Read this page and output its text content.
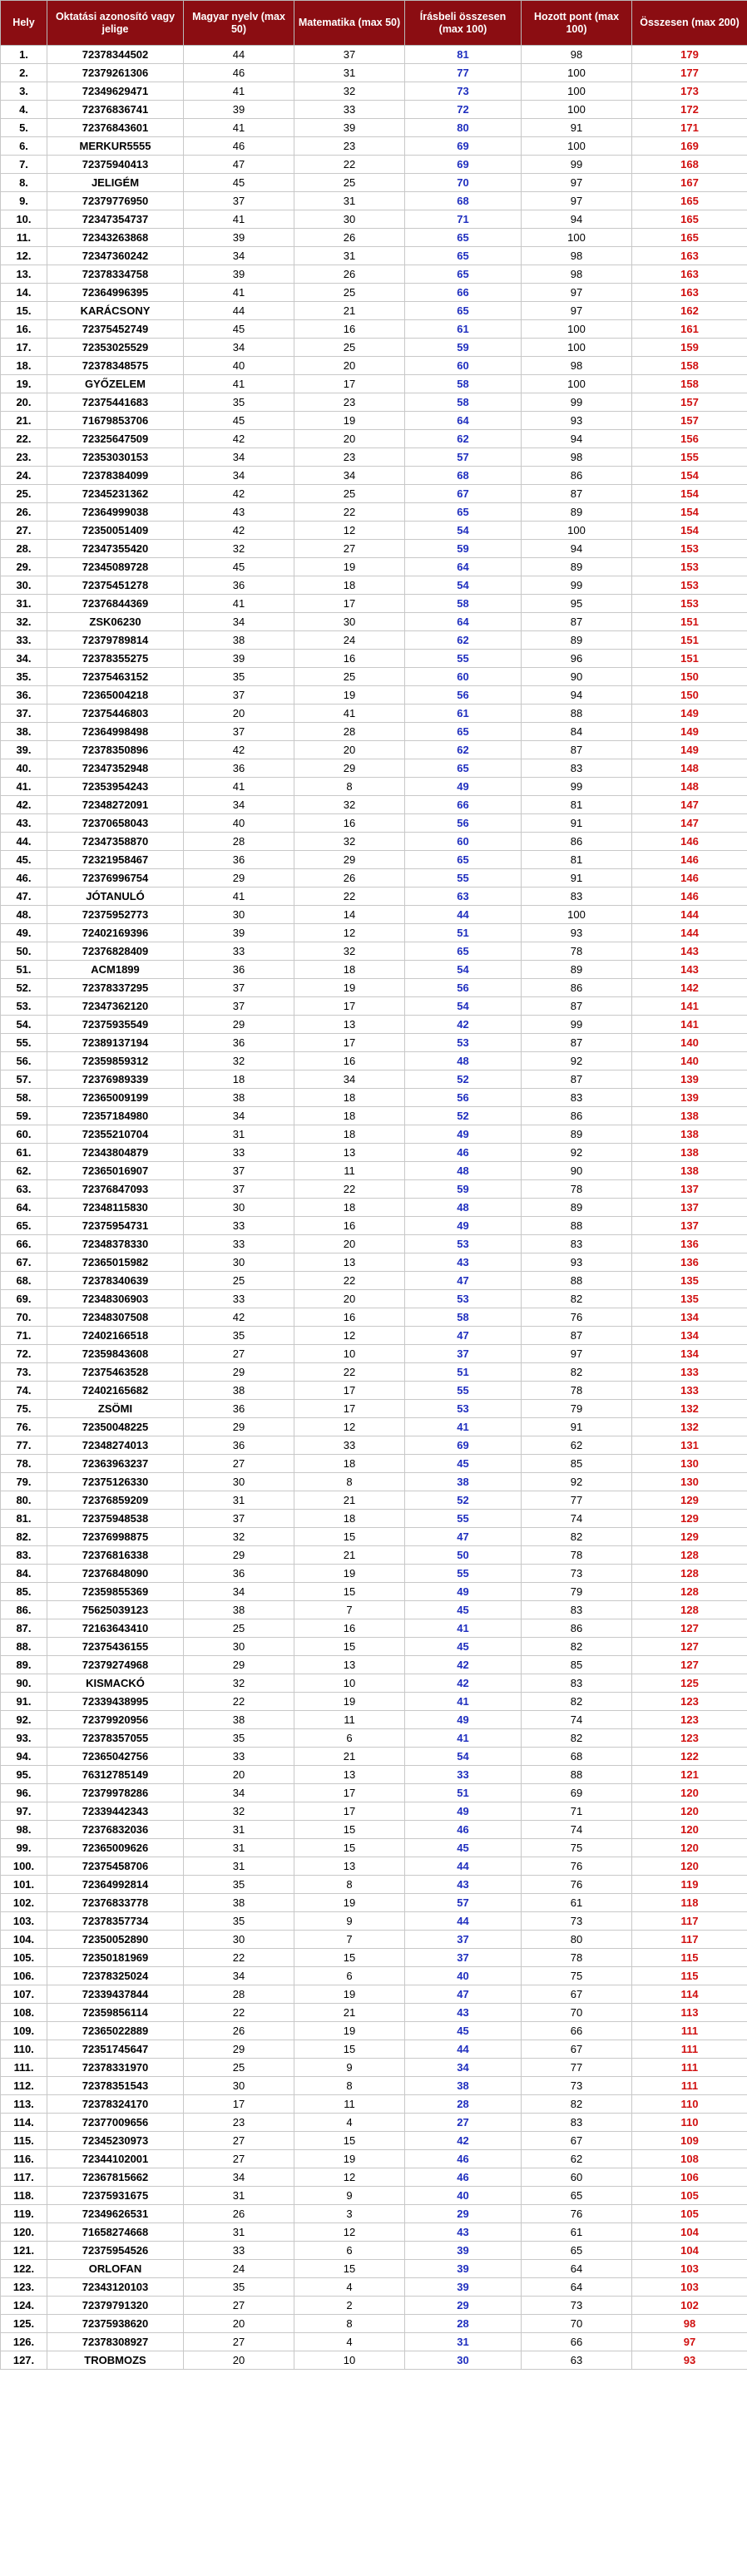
Hely	Oktatási azonosító vagy jelige	Magyar nyelv (max 50)	Matematika (max 50)	Írásbeli összesen (max 100)	Hozott pont (max 100)	Összesen (max 200)
1.	72378344502	44	37	81	98	179
2.	72379261306	46	31	77	100	177
3.	72349629471	41	32	73	100	173
4.	72376836741	39	33	72	100	172
5.	72376843601	41	39	80	91	171
6.	MERKUR5555	46	23	69	100	169
7.	72375940413	47	22	69	99	168
8.	JELIGÉM	45	25	70	97	167
9.	72379776950	37	31	68	97	165
10.	72347354737	41	30	71	94	165
11.	72343263868	39	26	65	100	165
12.	72347360242	34	31	65	98	163
13.	72378334758	39	26	65	98	163
14.	72364996395	41	25	66	97	163
15.	KARÁCSONY	44	21	65	97	162
16.	72375452749	45	16	61	100	161
17.	72353025529	34	25	59	100	159
18.	72378348575	40	20	60	98	158
19.	GYŐZELEM	41	17	58	100	158
20.	72375441683	35	23	58	99	157
21.	71679853706	45	19	64	93	157
22.	72325647509	42	20	62	94	156
23.	72353030153	34	23	57	98	155
24.	72378384099	34	34	68	86	154
25.	72345231362	42	25	67	87	154
26.	72364999038	43	22	65	89	154
27.	72350051409	42	12	54	100	154
28.	72347355420	32	27	59	94	153
29.	72345089728	45	19	64	89	153
30.	72375451278	36	18	54	99	153
31.	72376844369	41	17	58	95	153
32.	ZSK06230	34	30	64	87	151
33.	72379789814	38	24	62	89	151
34.	72378355275	39	16	55	96	151
35.	72375463152	35	25	60	90	150
36.	72365004218	37	19	56	94	150
37.	72375446803	20	41	61	88	149
38.	72364998498	37	28	65	84	149
39.	72378350896	42	20	62	87	149
40.	72347352948	36	29	65	83	148
41.	72353954243	41	8	49	99	148
42.	72348272091	34	32	66	81	147
43.	72370658043	40	16	56	91	147
44.	72347358870	28	32	60	86	146
45.	72321958467	36	29	65	81	146
46.	72376996754	29	26	55	91	146
47.	JÓTANULÓ	41	22	63	83	146
48.	72375952773	30	14	44	100	144
49.	72402169396	39	12	51	93	144
50.	72376828409	33	32	65	78	143
51.	ACM1899	36	18	54	89	143
52.	72378337295	37	19	56	86	142
53.	72347362120	37	17	54	87	141
54.	72375935549	29	13	42	99	141
55.	72389137194	36	17	53	87	140
56.	72359859312	32	16	48	92	140
57.	72376989339	18	34	52	87	139
58.	72365009199	38	18	56	83	139
59.	72357184980	34	18	52	86	138
60.	72355210704	31	18	49	89	138
61.	72343804879	33	13	46	92	138
62.	72365016907	37	11	48	90	138
63.	72376847093	37	22	59	78	137
64.	72348115830	30	18	48	89	137
65.	72375954731	33	16	49	88	137
66.	72348378330	33	20	53	83	136
67.	72365015982	30	13	43	93	136
68.	72378340639	25	22	47	88	135
69.	72348306903	33	20	53	82	135
70.	72348307508	42	16	58	76	134
71.	72402166518	35	12	47	87	134
72.	72359843608	27	10	37	97	134
73.	72375463528	29	22	51	82	133
74.	72402165682	38	17	55	78	133
75.	ZSÖMI	36	17	53	79	132
76.	72350048225	29	12	41	91	132
77.	72348274013	36	33	69	62	131
78.	72363963237	27	18	45	85	130
79.	72375126330	30	8	38	92	130
80.	72376859209	31	21	52	77	129
81.	72375948538	37	18	55	74	129
82.	72376998875	32	15	47	82	129
83.	72376816338	29	21	50	78	128
84.	72376848090	36	19	55	73	128
85.	72359855369	34	15	49	79	128
86.	75625039123	38	7	45	83	128
87.	72163643410	25	16	41	86	127
88.	72375436155	30	15	45	82	127
89.	72379274968	29	13	42	85	127
90.	KISMACKÓ	32	10	42	83	125
91.	72339438995	22	19	41	82	123
92.	72379920956	38	11	49	74	123
93.	72378357055	35	6	41	82	123
94.	72365042756	33	21	54	68	122
95.	76312785149	20	13	33	88	121
96.	72379978286	34	17	51	69	120
97.	72339442343	32	17	49	71	120
98.	72376832036	31	15	46	74	120
99.	72365009626	31	15	45	75	120
100.	72375458706	31	13	44	76	120
101.	72364992814	35	8	43	76	119
102.	72376833778	38	19	57	61	118
103.	72378357734	35	9	44	73	117
104.	72350052890	30	7	37	80	117
105.	72350181969	22	15	37	78	115
106.	72378325024	34	6	40	75	115
107.	72339437844	28	19	47	67	114
108.	72359856114	22	21	43	70	113
109.	72365022889	26	19	45	66	111
110.	72351745647	29	15	44	67	111
111.	72378331970	25	9	34	77	111
112.	72378351543	30	8	38	73	111
113.	72378324170	17	11	28	82	110
114.	72377009656	23	4	27	83	110
115.	72345230973	27	15	42	67	109
116.	72344102001	27	19	46	62	108
117.	72367815662	34	12	46	60	106
118.	72375931675	31	9	40	65	105
119.	72349626531	26	3	29	76	105
120.	71658274668	31	12	43	61	104
121.	72375954526	33	6	39	65	104
122.	ORLOFAN	24	15	39	64	103
123.	72343120103	35	4	39	64	103
124.	72379791320	27	2	29	73	102
125.	72375938620	20	8	28	70	98
126.	72378308927	27	4	31	66	97
127.	TROBMOZS	20	10	30	63	93
